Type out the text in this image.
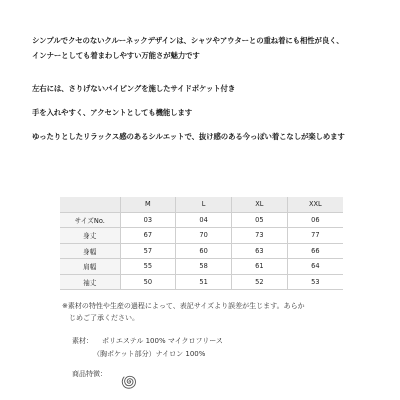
シンプルでクセのないクルーネックデザインは、シャツやアウターとの重ね着にも相性が良く、
インナーとしても着まわしやすい万能さが魅力です
左右には、さりげないパイピングを施したサイドポケット付き
手を入れやすく、アクセントとしても機能します
ゆったりとしたリラックス感のあるシルエットで、抜け感のある今っぽい着こなしが楽しめます
	M	L	XL	XXL
サイズNo.	03	04	05	06
身丈	67	70	73	77
身幅	57	60	63	66
肩幅	55	58	61	64
袖丈	50	51	52	53
※素材の特性や生産の過程によって、表記サイズより誤差が生じます。あらか
じめご了承ください。
素材： ポリエステル 100% マイクロフリース
（胸ポケット部分）ナイロン 100%
商品特徴：
